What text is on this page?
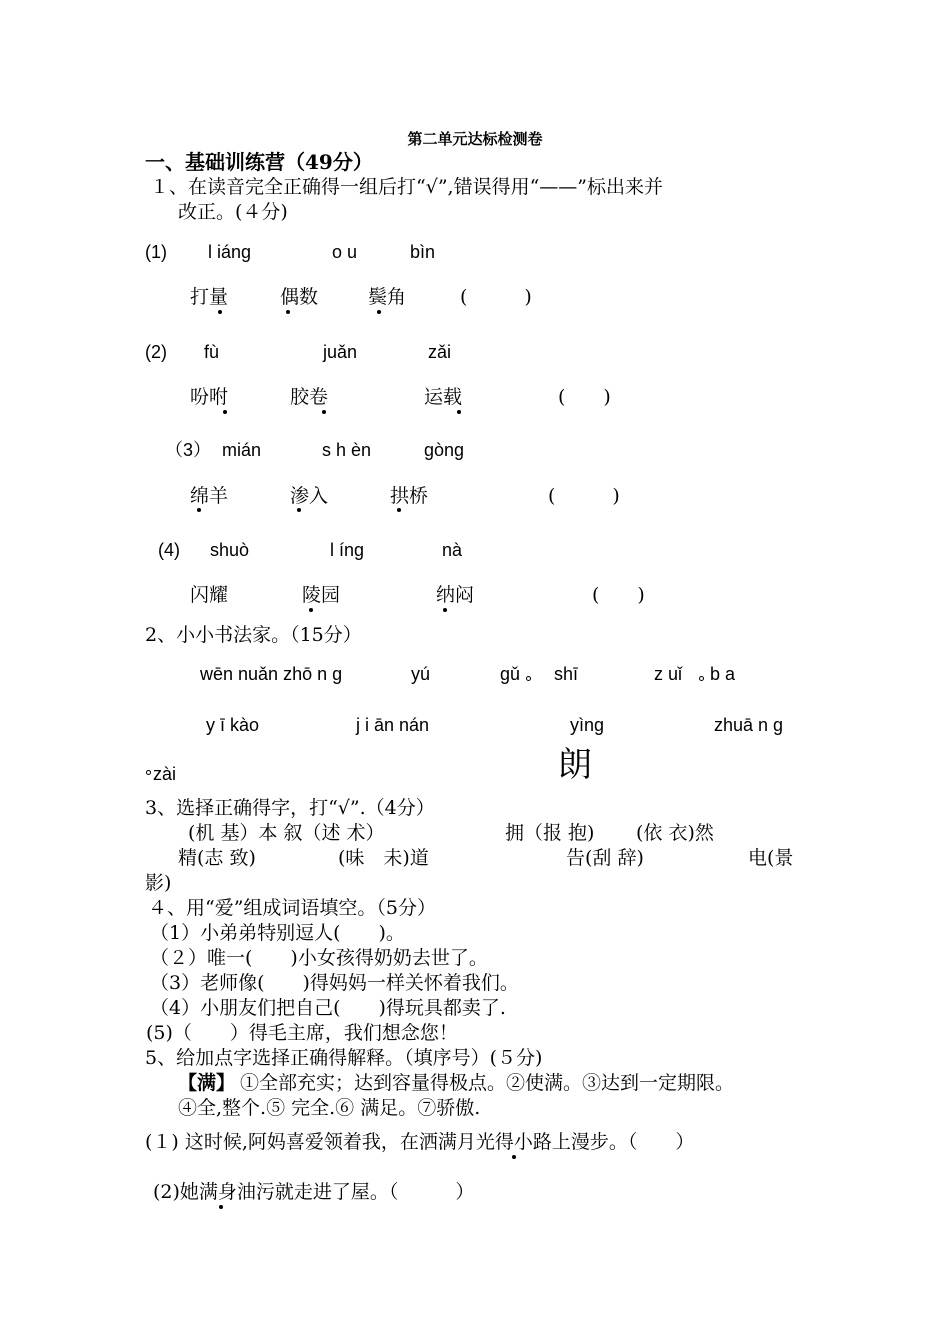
第二单元达标检测卷
一、基础训练营（49分）
１、在读音完全正确得一组后打“√”,错误得用“——”标出来并
改正。(４分)
(1) l iáng	o u	bìn
打量	偶数	鬓角	(　　　)
(2) fù	juǎn	zǎi
吩咐	胶卷	运载	(　　)
（3） mián	s h èn	gòng
绵羊	渗入	拱桥	(　　　)
(4) shuò	l íng	nà
闪耀	陵园	纳闷	(　　)
2、小小书法家。（15分）
wēn nuǎn zhō n g	yú	gǔ ○ shī	z uǐ ○ b a
y ī kào	j i ān nán	yìng	zhuā n g
zài	朗
3、选择正确得字，打“√”.（4分）
(机 基）本 叙（述 术）	拥（报 抱) (依 衣)然
精(志 致)	(味　未)道	告(刮 辞)	电(景
影)
４、用“爱”组成词语填空。（5分）
（1）小弟弟特别逗人(　　)。
（２）唯一(　　)小女孩得奶奶去世了。
（3）老师像(　　)得妈妈一样关怀着我们。
（4）小朋友们把自己(　　)得玩具都卖了.
(5)（　　）得毛主席，我们想念您！
5、给加点字选择正确得解释。（填序号）(５分)
【满】 ①全部充实；达到容量得极点。②使满。③达到一定期限。
④全,整个.⑤ 完全.⑥ 满足。⑦骄傲.
(１) 这时候,阿妈喜爱领着我，在洒满月光得小路上漫步。（　　）
(2)她满身油污就走进了屋。（　　　）
